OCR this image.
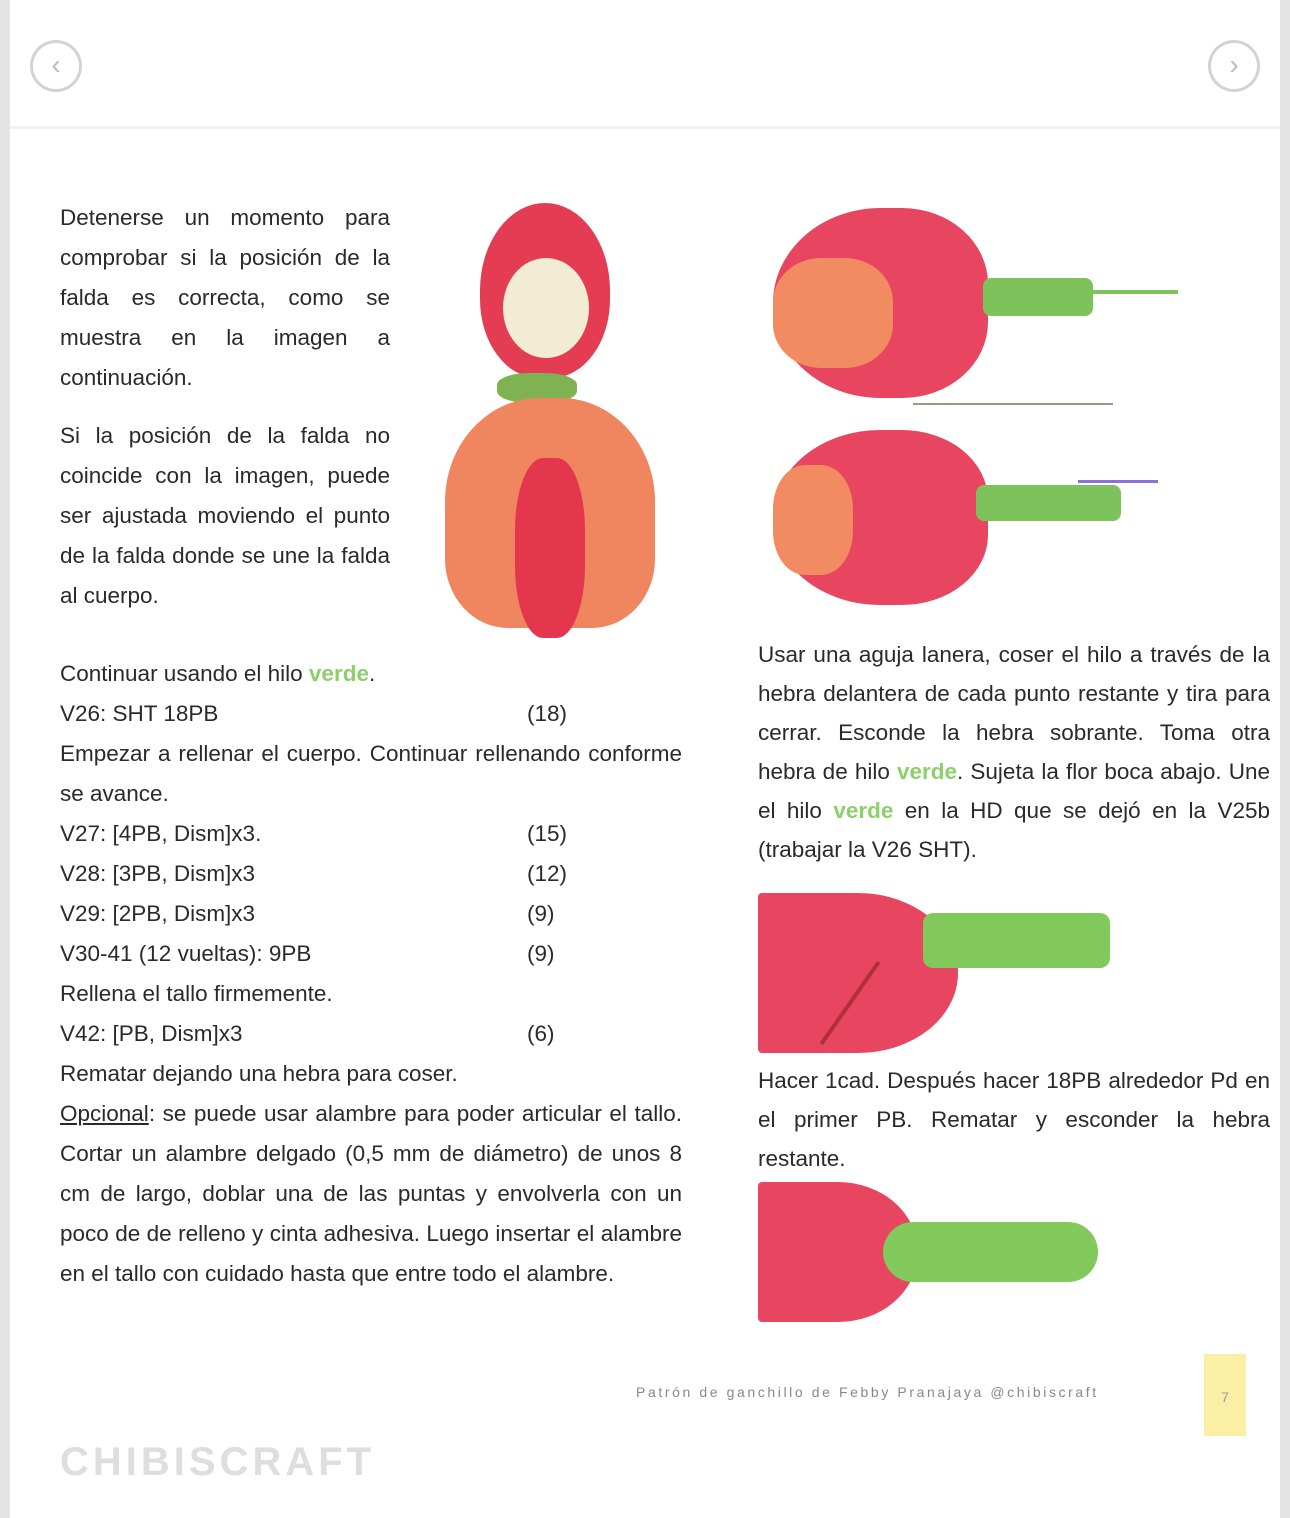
‹	›
Detenerse un momento para comprobar si la posición de la falda es correcta, como se muestra en la imagen a continuación.
Si la posición de la falda no coincide con la imagen, puede ser ajustada moviendo el punto de la falda donde se une la falda al cuerpo.
Continuar usando el hilo verde.
V26: SHT 18PB	(18)
Empezar a rellenar el cuerpo. Continuar rellenando conforme se avance.
V27: [4PB, Dism]x3.	(15)
V28: [3PB, Dism]x3	(12)
V29: [2PB, Dism]x3	(9)
V30-41 (12 vueltas): 9PB	(9)
Rellena el tallo firmemente.
V42: [PB, Dism]x3	(6)
Rematar dejando una hebra para coser.
Opcional: se puede usar alambre para poder articular el tallo. Cortar un alambre delgado (0,5 mm de diámetro) de unos 8 cm de largo, doblar una de las puntas y envolverla con un poco de de relleno y cinta adhesiva. Luego insertar el alambre en el tallo con cuidado hasta que entre todo el alambre.
Usar una aguja lanera, coser el hilo a través de la hebra delantera de cada punto restante y tira para cerrar. Esconde la hebra sobrante. Toma otra hebra de hilo verde. Sujeta la flor boca abajo. Une el hilo verde en la HD que se dejó en la V25b (trabajar la V26 SHT).
Hacer 1cad. Después hacer 18PB alrededor Pd en el primer PB. Rematar y esconder la hebra restante.
Patrón de ganchillo de Febby Pranajaya @chibiscraft	7
CHIBISCRAFT
